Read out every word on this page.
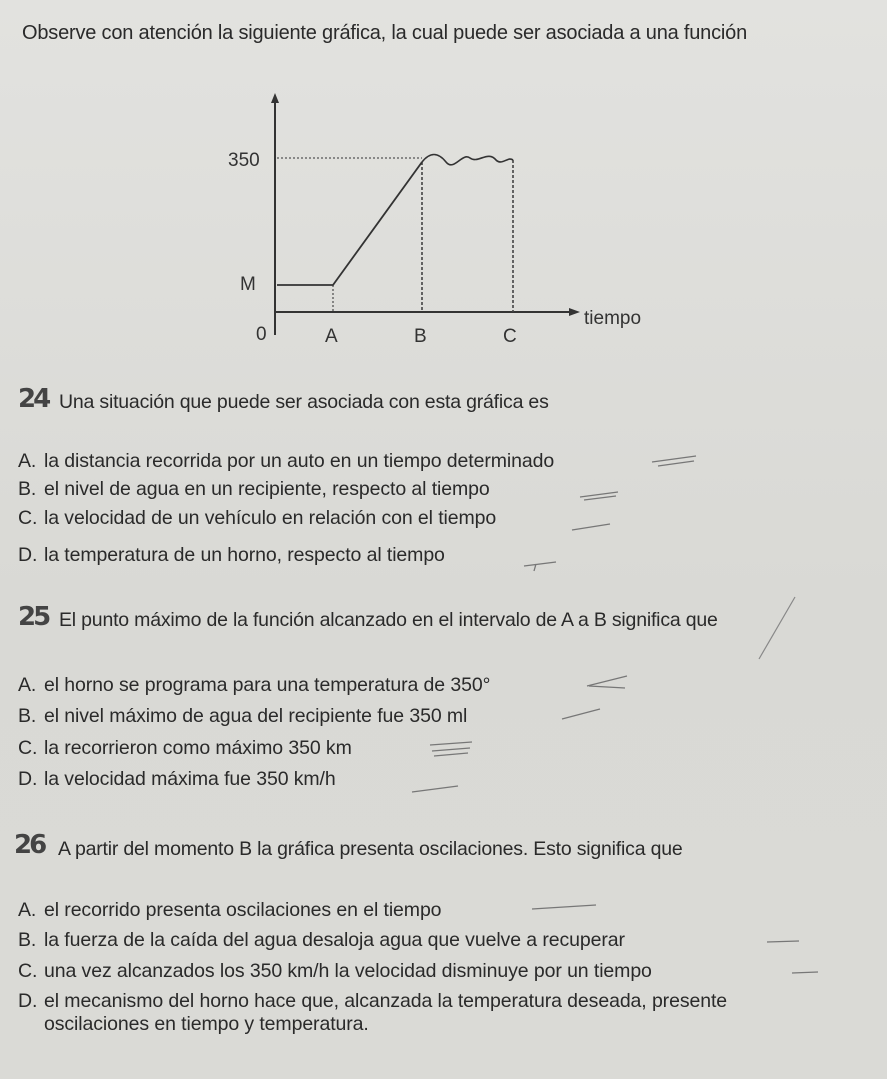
Observe con atención la siguiente gráfica, la cual puede ser asociada a una función
350
M
0	A	B	C
tiempo
24 Una situación que puede ser asociada con esta gráfica es
A. la distancia recorrida por un auto en un tiempo determinado
B. el nivel de agua en un recipiente, respecto al tiempo
C. la velocidad de un vehículo en relación con el tiempo
D. la temperatura de un horno, respecto al tiempo
25 El punto máximo de la función alcanzado en el intervalo de A a B significa que
A. el horno se programa para una temperatura de 350°
B. el nivel máximo de agua del recipiente fue 350 ml
C. la recorrieron como máximo 350 km
D. la velocidad máxima fue 350 km/h
26 A partir del momento B la gráfica presenta oscilaciones. Esto significa que
A. el recorrido presenta oscilaciones en el tiempo
B. la fuerza de la caída del agua desaloja agua que vuelve a recuperar
C. una vez alcanzados los 350 km/h la velocidad disminuye por un tiempo
D. el mecanismo del horno hace que, alcanzada la temperatura deseada, presente
oscilaciones en tiempo y temperatura.
